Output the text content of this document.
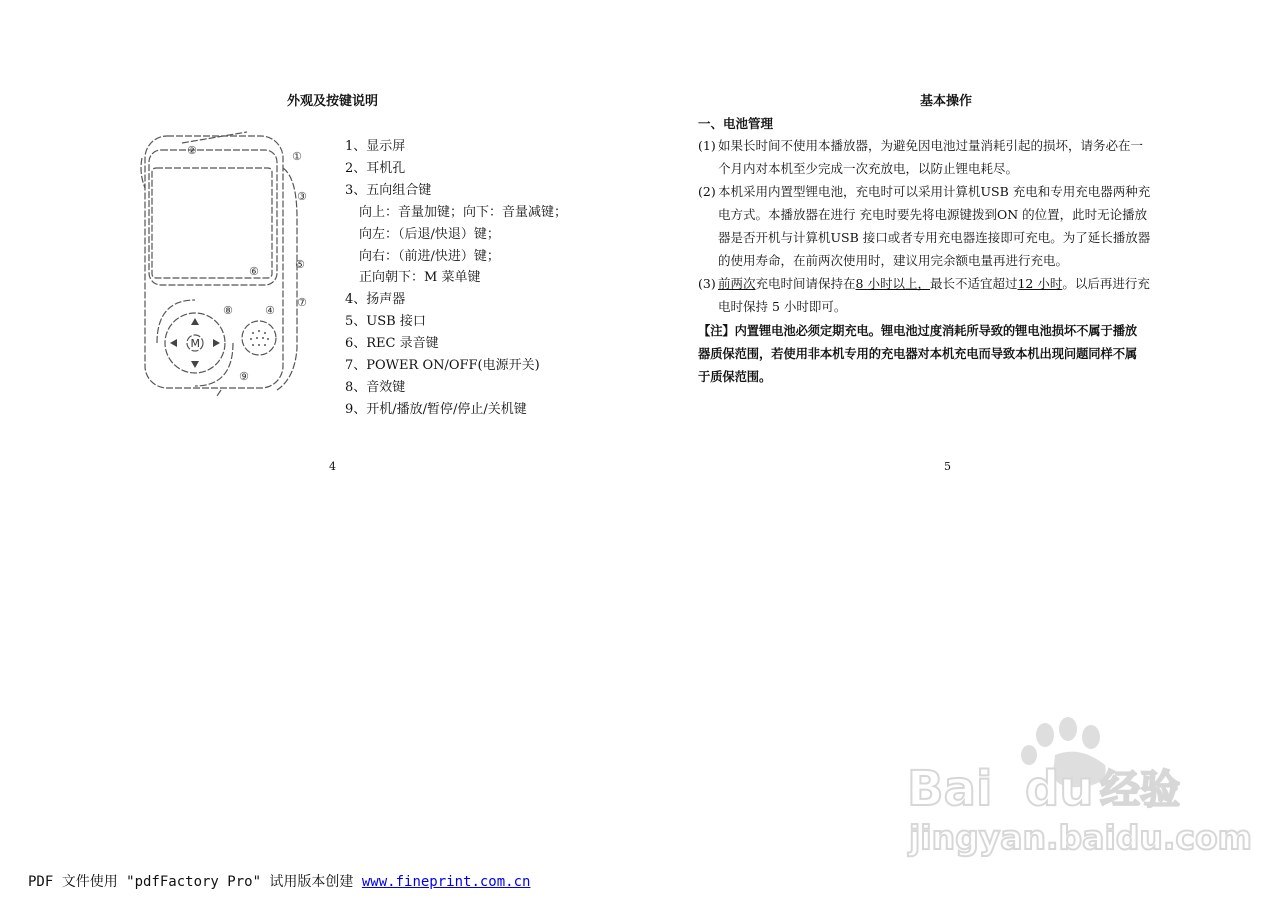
外观及按键说明
M
①
②
③
④
⑤
⑥
⑦
⑧
⑨
1、显示屏
2、耳机孔
3、五向组合键
向上：音量加键；向下：音量减键；
向左：（后退/快退）键；
向右：（前进/快进）键；
正向朝下：M 菜单键
4、扬声器
5、USB 接口
6、REC 录音键
7、POWER ON/OFF(电源开关)
8、音效键
9、开机/播放/暂停/停止/关机键
4
基本操作
一、电池管理
(1) 如果长时间不使用本播放器，为避免因电池过量消耗引起的损坏，请务必在一
个月内对本机至少完成一次充放电，以防止锂电耗尽。
(2) 本机采用内置型锂电池，充电时可以采用计算机USB 充电和专用充电器两种充
电方式。本播放器在进行 充电时要先将电源键拨到ON 的位置，此时无论播放
器是否开机与计算机USB 接口或者专用充电器连接即可充电。为了延长播放器
的使用寿命，在前两次使用时，建议用完余额电量再进行充电。
(3) 前两次充电时间请保持在8 小时以上，最长不适宜超过12 小时。以后再进行充
电时保持 5 小时即可。
【注】内置锂电池必须定期充电。锂电池过度消耗所导致的锂电池损坏不属于播放
器质保范围，若使用非本机专用的充电器对本机充电而导致本机出现问题同样不属
于质保范围。
5
Bai du 经验
jingyan.baidu.com
PDF 文件使用 "pdfFactory Pro" 试用版本创建 www.fineprint.com.cn
